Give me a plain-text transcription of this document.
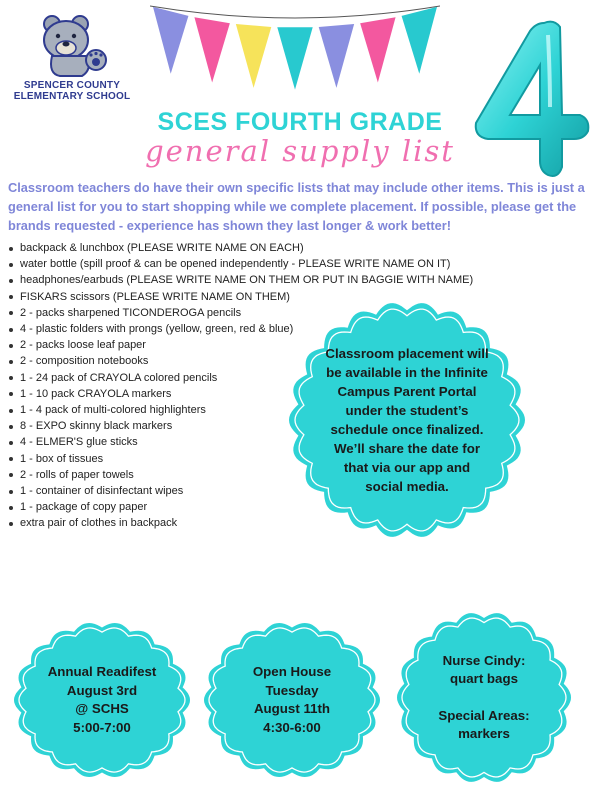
SPENCER COUNTY
ELEMENTARY SCHOOL
SCES FOURTH GRADE
general supply list

Classroom teachers do have their own specific lists that may include other items. This is just a general list for you to start shopping while we complete placement. If possible, please get the brands requested - experience has shown they last longer & work better!

backpack & lunchbox (PLEASE WRITE NAME ON EACH)
water bottle (spill proof & can be opened independently - PLEASE WRITE NAME ON IT)
headphones/earbuds (PLEASE WRITE NAME ON THEM OR PUT IN BAGGIE WITH NAME)
FISKARS scissors (PLEASE WRITE NAME ON THEM)
2 - packs sharpened TICONDEROGA pencils
4 - plastic folders with prongs (yellow, green, red & blue)
2 - packs loose leaf paper
2 - composition notebooks
1 - 24 pack of CRAYOLA colored pencils
1 - 10 pack CRAYOLA markers
1 - 4 pack of multi-colored highlighters
8 - EXPO skinny black markers
4 - ELMER'S glue sticks
1 - box of tissues
2 - rolls of paper towels
1 - container of disinfectant wipes
1 - package of copy paper
extra pair of clothes in backpack
Classroom placement will be available in the Infinite Campus Parent Portal under the student’s schedule once finalized. We’ll share the date for that via our app and social media.
Annual Readifest
August 3rd
@ SCHS
5:00-7:00
Open House
Tuesday
August 11th
4:30-6:00
Nurse Cindy:
quart bags
Special Areas:
markers
